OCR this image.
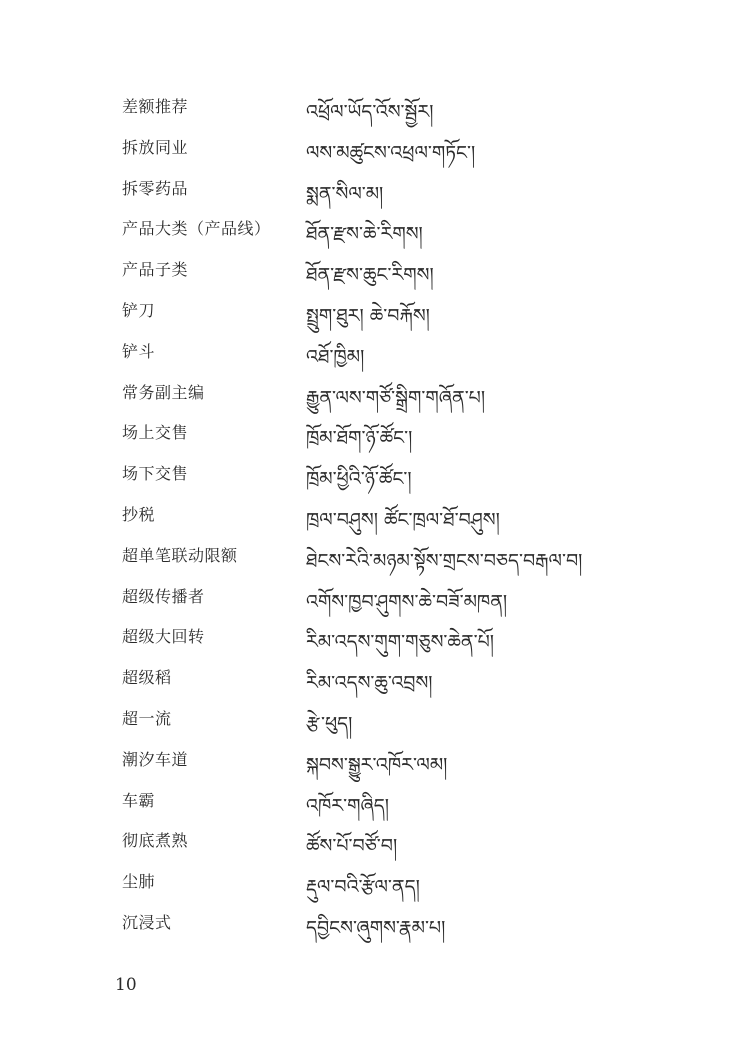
差额推荐	འཕྲོལ་ཡོད་འོས་སྦྱོར།
拆放同业	ལས་མཚུངས་འཕྲལ་གཏོང་།
拆零药品	སྨན་སིལ་མ།
产品大类（产品线） ཐོན་རྫས་ཆེ་རིགས།
产品子类	ཐོན་རྫས་ཆུང་རིགས།
铲刀	སྤྲུག་ཐུར། ཆེ་བརྐོས།
铲斗	འཐོ་ཁྱིམ།
常务副主编	རྒྱུན་ལས་གཙོ་སྒྲིག་གཞོན་པ།
场上交售	ཁྲོམ་ཐོག་ཉོ་ཚོང་།
场下交售	ཁྲོམ་ཕྱིའི་ཉོ་ཚོང་།
抄税	ཁྲལ་བཤུས། ཚོང་ཁྲལ་ཐོ་བཤུས།
超单笔联动限额	ཐེངས་རེའི་མཉམ་སྟོས་གྲངས་བཅད་བརྒལ་བ།
超级传播者	འགོས་ཁྱབ་ཤུགས་ཆེ་བཟོ་མཁན།
超级大回转	རིམ་འདས་གུག་གཅུས་ཆེན་པོ།
超级稻	རིམ་འདས་ཆུ་འབྲས།
超一流	རྩེ་ཕུད།
潮汐车道	སྐབས་སྒྱུར་འཁོར་ལམ།
车霸	འཁོར་གཞིད།
彻底煮熟	ཚོས་པོ་བཙོ་བ།
尘肺	རྡུལ་བའི་རྩོལ་ནད།
沉浸式	དབྱིངས་ཞུགས་རྣམ་པ།
10
